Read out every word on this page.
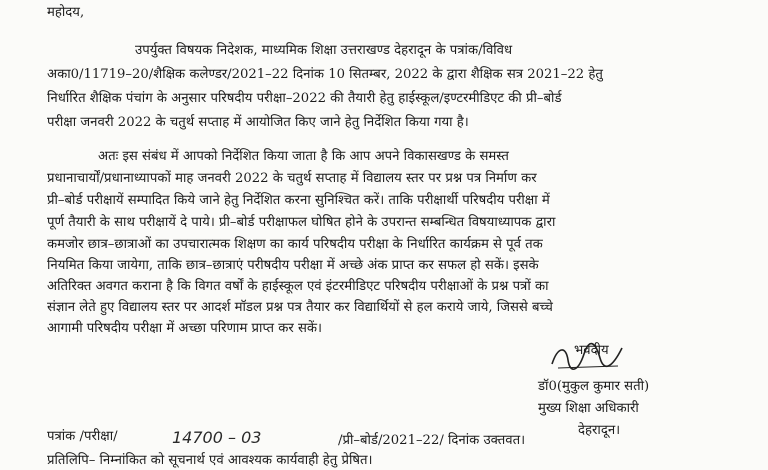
महोदय,
उपर्युक्त विषयक निदेशक, माध्यमिक शिक्षा उत्तराखण्ड देहरादून के पत्रांक/विविध
अका0/11719–20/शैक्षिक कलेण्डर/2021–22 दिनांक 10 सितम्बर, 2022 के द्वारा शैक्षिक सत्र 2021–22 हेतु
निर्धारित शैक्षिक पंचांग के अनुसार परिषदीय परीक्षा–2022 की तैयारी हेतु हाईस्कूल/इण्टरमीडिएट की प्री–बोर्ड
परीक्षा जनवरी 2022 के चतुर्थ सप्ताह में आयोजित किए जाने हेतु निर्देशित किया गया है।
अतः इस संबंध में आपको निर्देशित किया जाता है कि आप अपने विकासखण्ड के समस्त
प्रधानाचार्यों/प्रधानाध्यापकों माह जनवरी 2022 के चतुर्थ सप्ताह में विद्यालय स्तर पर प्रश्न पत्र निर्माण कर
प्री–बोर्ड परीक्षायें सम्पादित किये जाने हेतु निर्देशित करना सुनिश्चित करें। ताकि परीक्षार्थी परिषदीय परीक्षा में
पूर्ण तैयारी के साथ परीक्षायें दे पाये। प्री–बोर्ड परीक्षाफल घोषित होने के उपरान्त सम्बन्धित विषयाध्यापक द्वारा
कमजोर छात्र–छात्राओं का उपचारात्मक शिक्षण का कार्य परिषदीय परीक्षा के निर्धारित कार्यक्रम से पूर्व तक
नियमित किया जायेगा, ताकि छात्र–छात्राएं परीषदीय परीक्षा में अच्छे अंक प्राप्त कर सफल हो सकें। इसके
अतिरिक्त अवगत कराना है कि विगत वर्षों के हाईस्कूल एवं इंटरमीडिएट परिषदीय परीक्षाओं के प्रश्न पत्रों का
संज्ञान लेते हुए विद्यालय स्तर पर आदर्श मॉडल प्रश्न पत्र तैयार कर विद्यार्थियों से हल कराये जाये, जिससे बच्चे
आगामी परिषदीय परीक्षा में अच्छा परिणाम प्राप्त कर सकें।
भवदीय
डॉ0(मुकुल कुमार सती)
मुख्य शिक्षा अधिकारी
देहरादून।
पत्रांक /परीक्षा/	14700 – 03	/प्री–बोर्ड/2021–22/ दिनांक उक्तवत।
प्रतिलिपि– निम्नांकित को सूचनार्थ एवं आवश्यक कार्यवाही हेतु प्रेषित।
